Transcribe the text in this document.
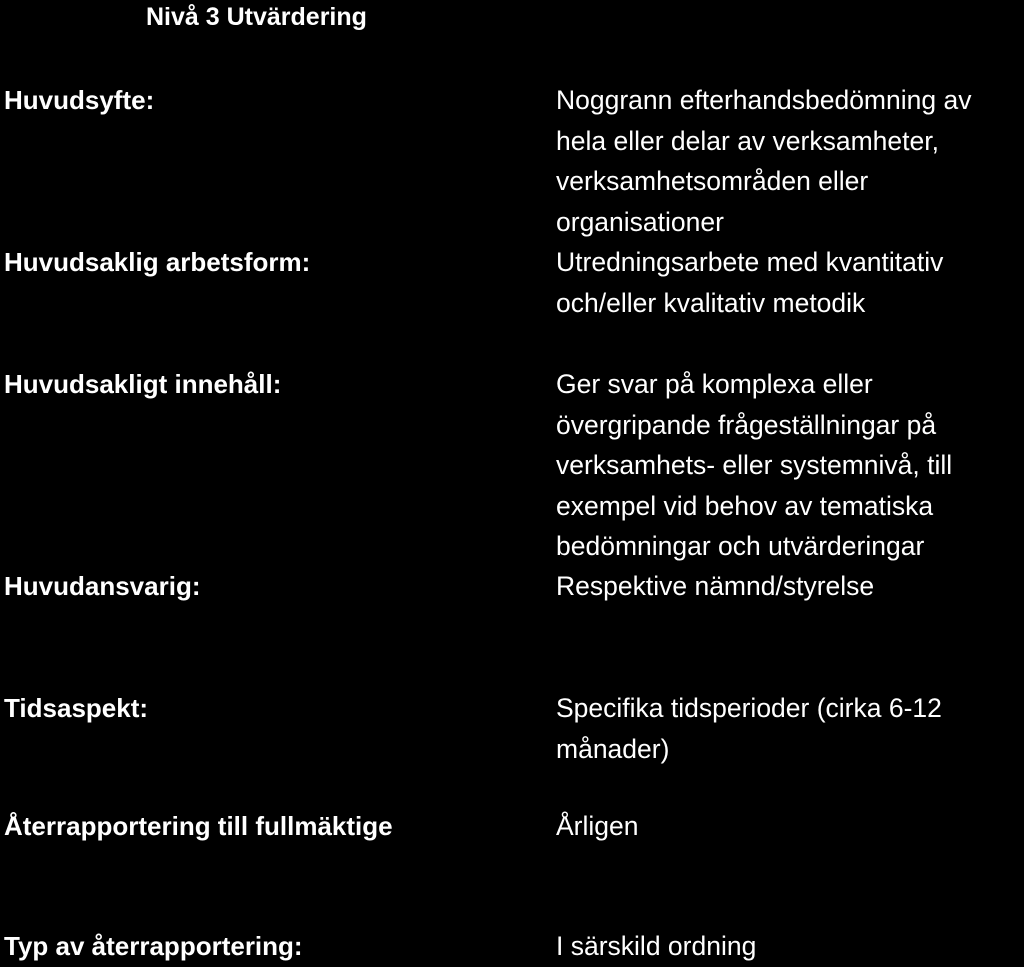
Nivå 3 Utvärdering
Huvudsyfte:	Noggrann efterhandsbedömning av
hela eller delar av verksamheter,
verksamhetsområden eller
organisationer
Huvudsaklig arbetsform:	Utredningsarbete med kvantitativ
och/eller kvalitativ metodik
Huvudsakligt innehåll:	Ger svar på komplexa eller
övergripande frågeställningar på
verksamhets- eller systemnivå, till
exempel vid behov av tematiska
bedömningar och utvärderingar
Huvudansvarig:	Respektive nämnd/styrelse
Tidsaspekt:	Specifika tidsperioder (cirka 6-12
månader)
Återrapportering till fullmäktige	Årligen
Typ av återrapportering:	I särskild ordning
